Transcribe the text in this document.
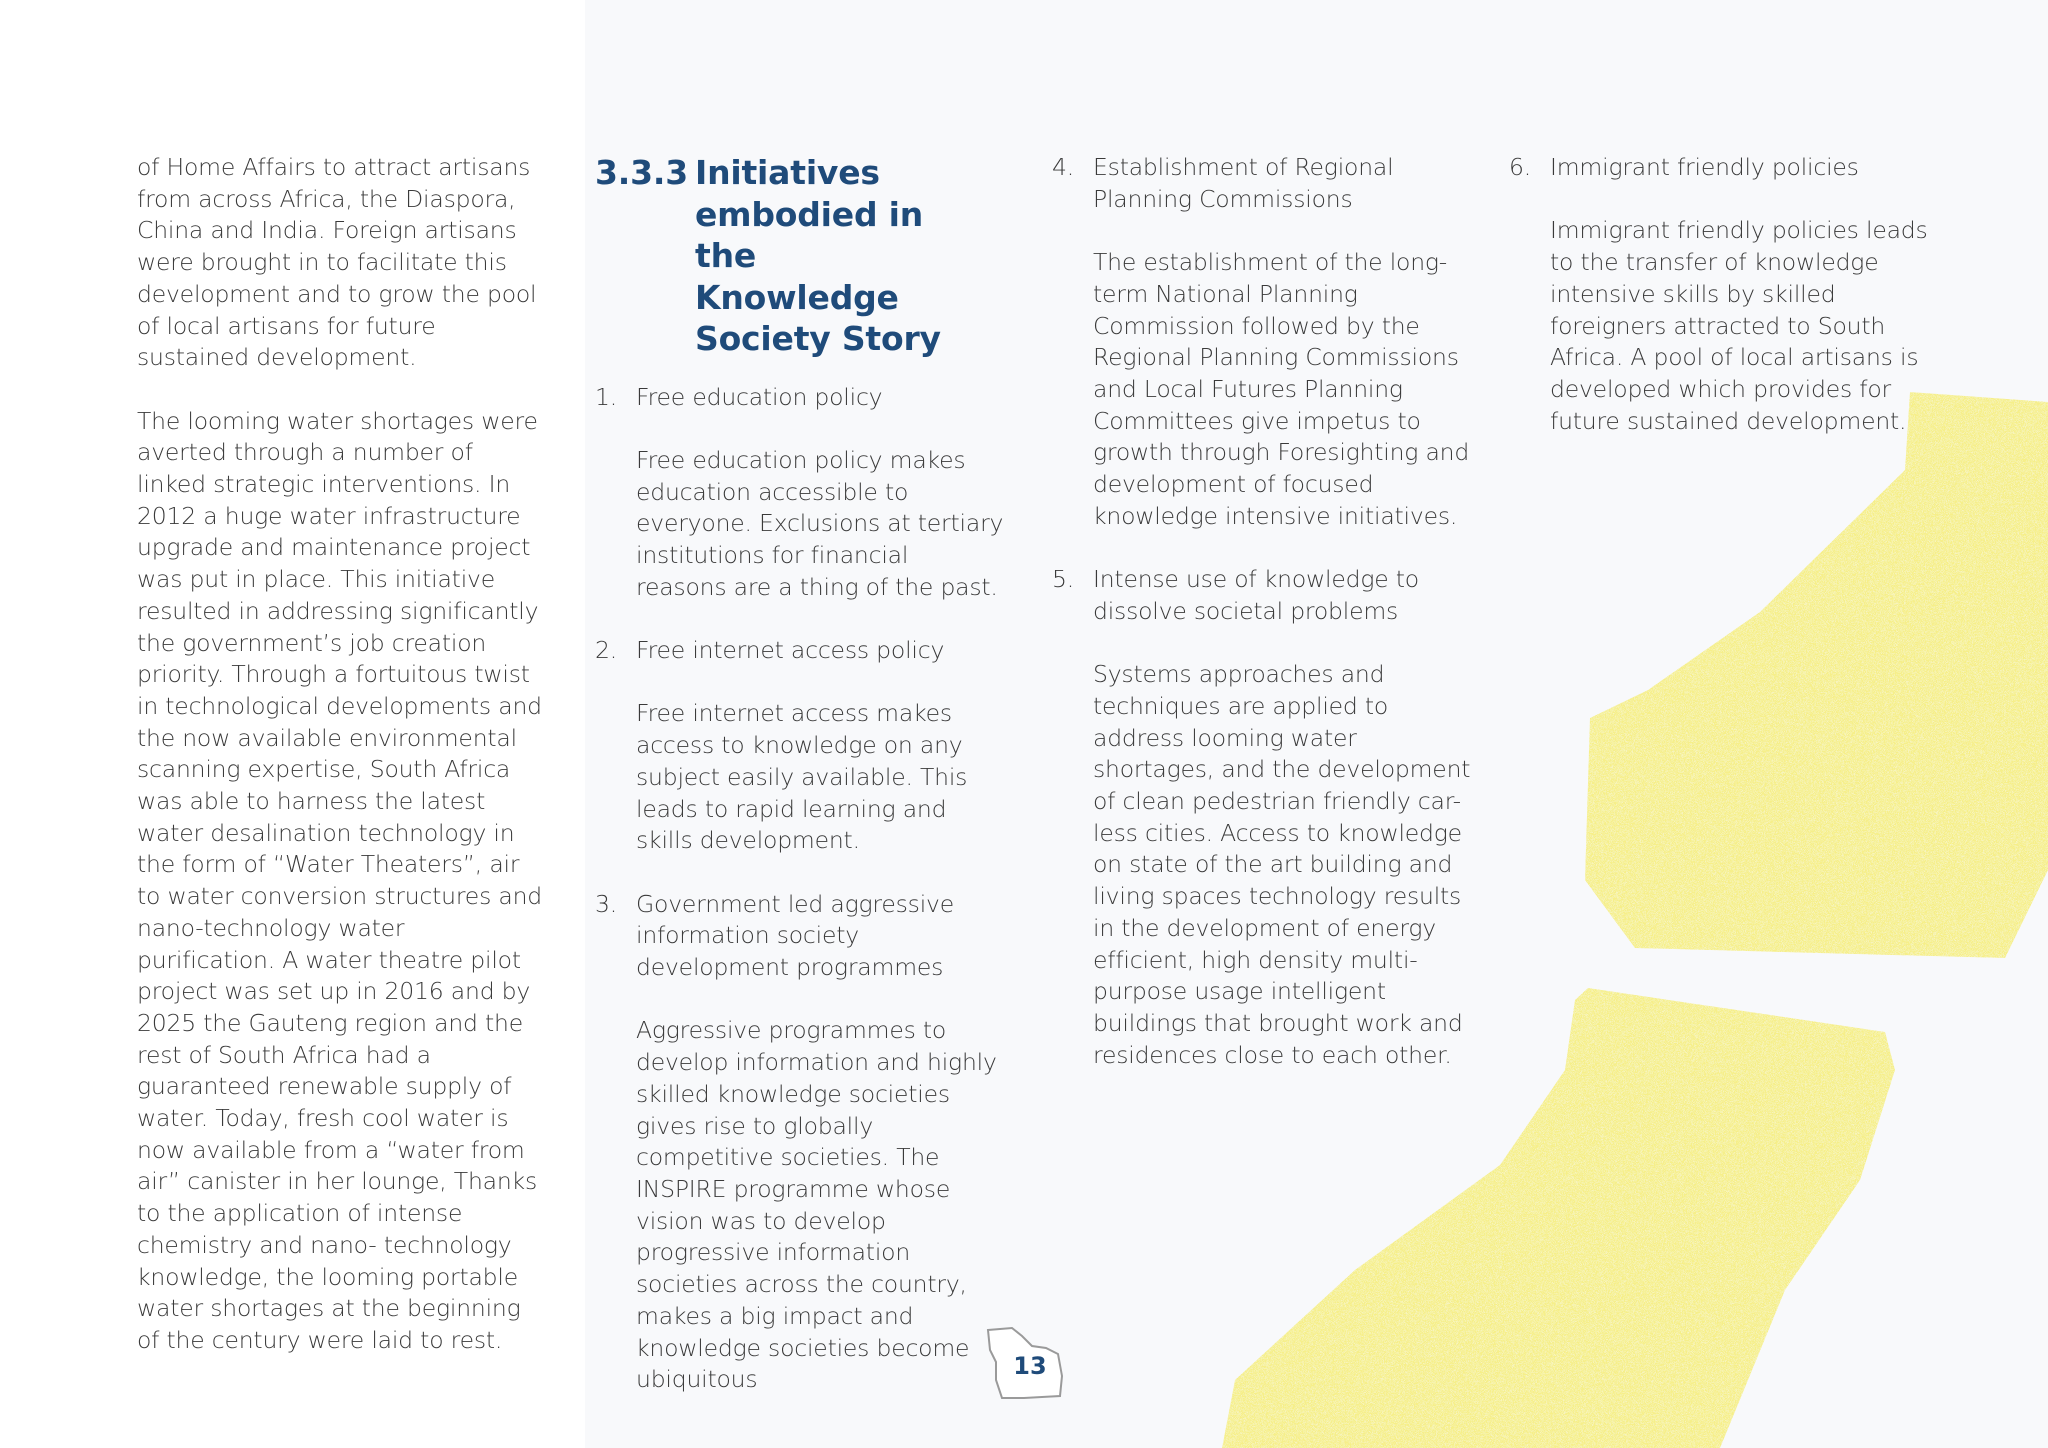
of Home Affairs to attract artisans from across Africa, the Diaspora, China and India. Foreign artisans were brought in to facilitate this development and to grow the pool of local artisans for future sustained development.

The looming water shortages were averted through a number of linked strategic interventions. In 2012 a huge water infrastructure upgrade and maintenance project was put in place. This initiative resulted in addressing significantly the government’s job creation priority. Through a fortuitous twist in technological developments and the now available environmental scanning expertise, South Africa was able to harness the latest water desalination technology in the form of “Water Theaters”, air to water conversion structures and nano-technology water purification. A water theatre pilot project was set up in 2016 and by 2025 the Gauteng region and the rest of South Africa had a guaranteed renewable supply of water. Today, fresh cool water is now available from a “water from air” canister in her lounge, Thanks to the application of intense chemistry and nano- technology knowledge, the looming portable water shortages at the beginning of the century were laid to rest.

3.3.3 Initiatives embodied in the Knowledge Society Story
1. Free education policy

Free education policy makes education accessible to everyone. Exclusions at tertiary institutions for financial reasons are a thing of the past.

2. Free internet access policy

Free internet access makes access to knowledge on any subject easily available. This leads to rapid learning and skills development.

3. Government led aggressive information society development programmes

Aggressive programmes to develop information and highly skilled knowledge societies gives rise to globally competitive societies. The INSPIRE programme whose vision was to develop progressive information societies across the country, makes a big impact and knowledge societies become ubiquitous

4. Establishment of Regional Planning Commissions

The establishment of the long-term National Planning Commission followed by the Regional Planning Commissions and Local Futures Planning Committees give impetus to growth through Foresighting and development of focused knowledge intensive initiatives.

5. Intense use of knowledge to dissolve societal problems

Systems approaches and techniques are applied to address looming water shortages, and the development of clean pedestrian friendly car-less cities. Access to knowledge on state of the art building and living spaces technology results in the development of energy efficient, high density multi-purpose usage intelligent buildings that brought work and residences close to each other.

6. Immigrant friendly policies

Immigrant friendly policies leads to the transfer of knowledge intensive skills by skilled foreigners attracted to South Africa. A pool of local artisans is developed which provides for future sustained development.

13
